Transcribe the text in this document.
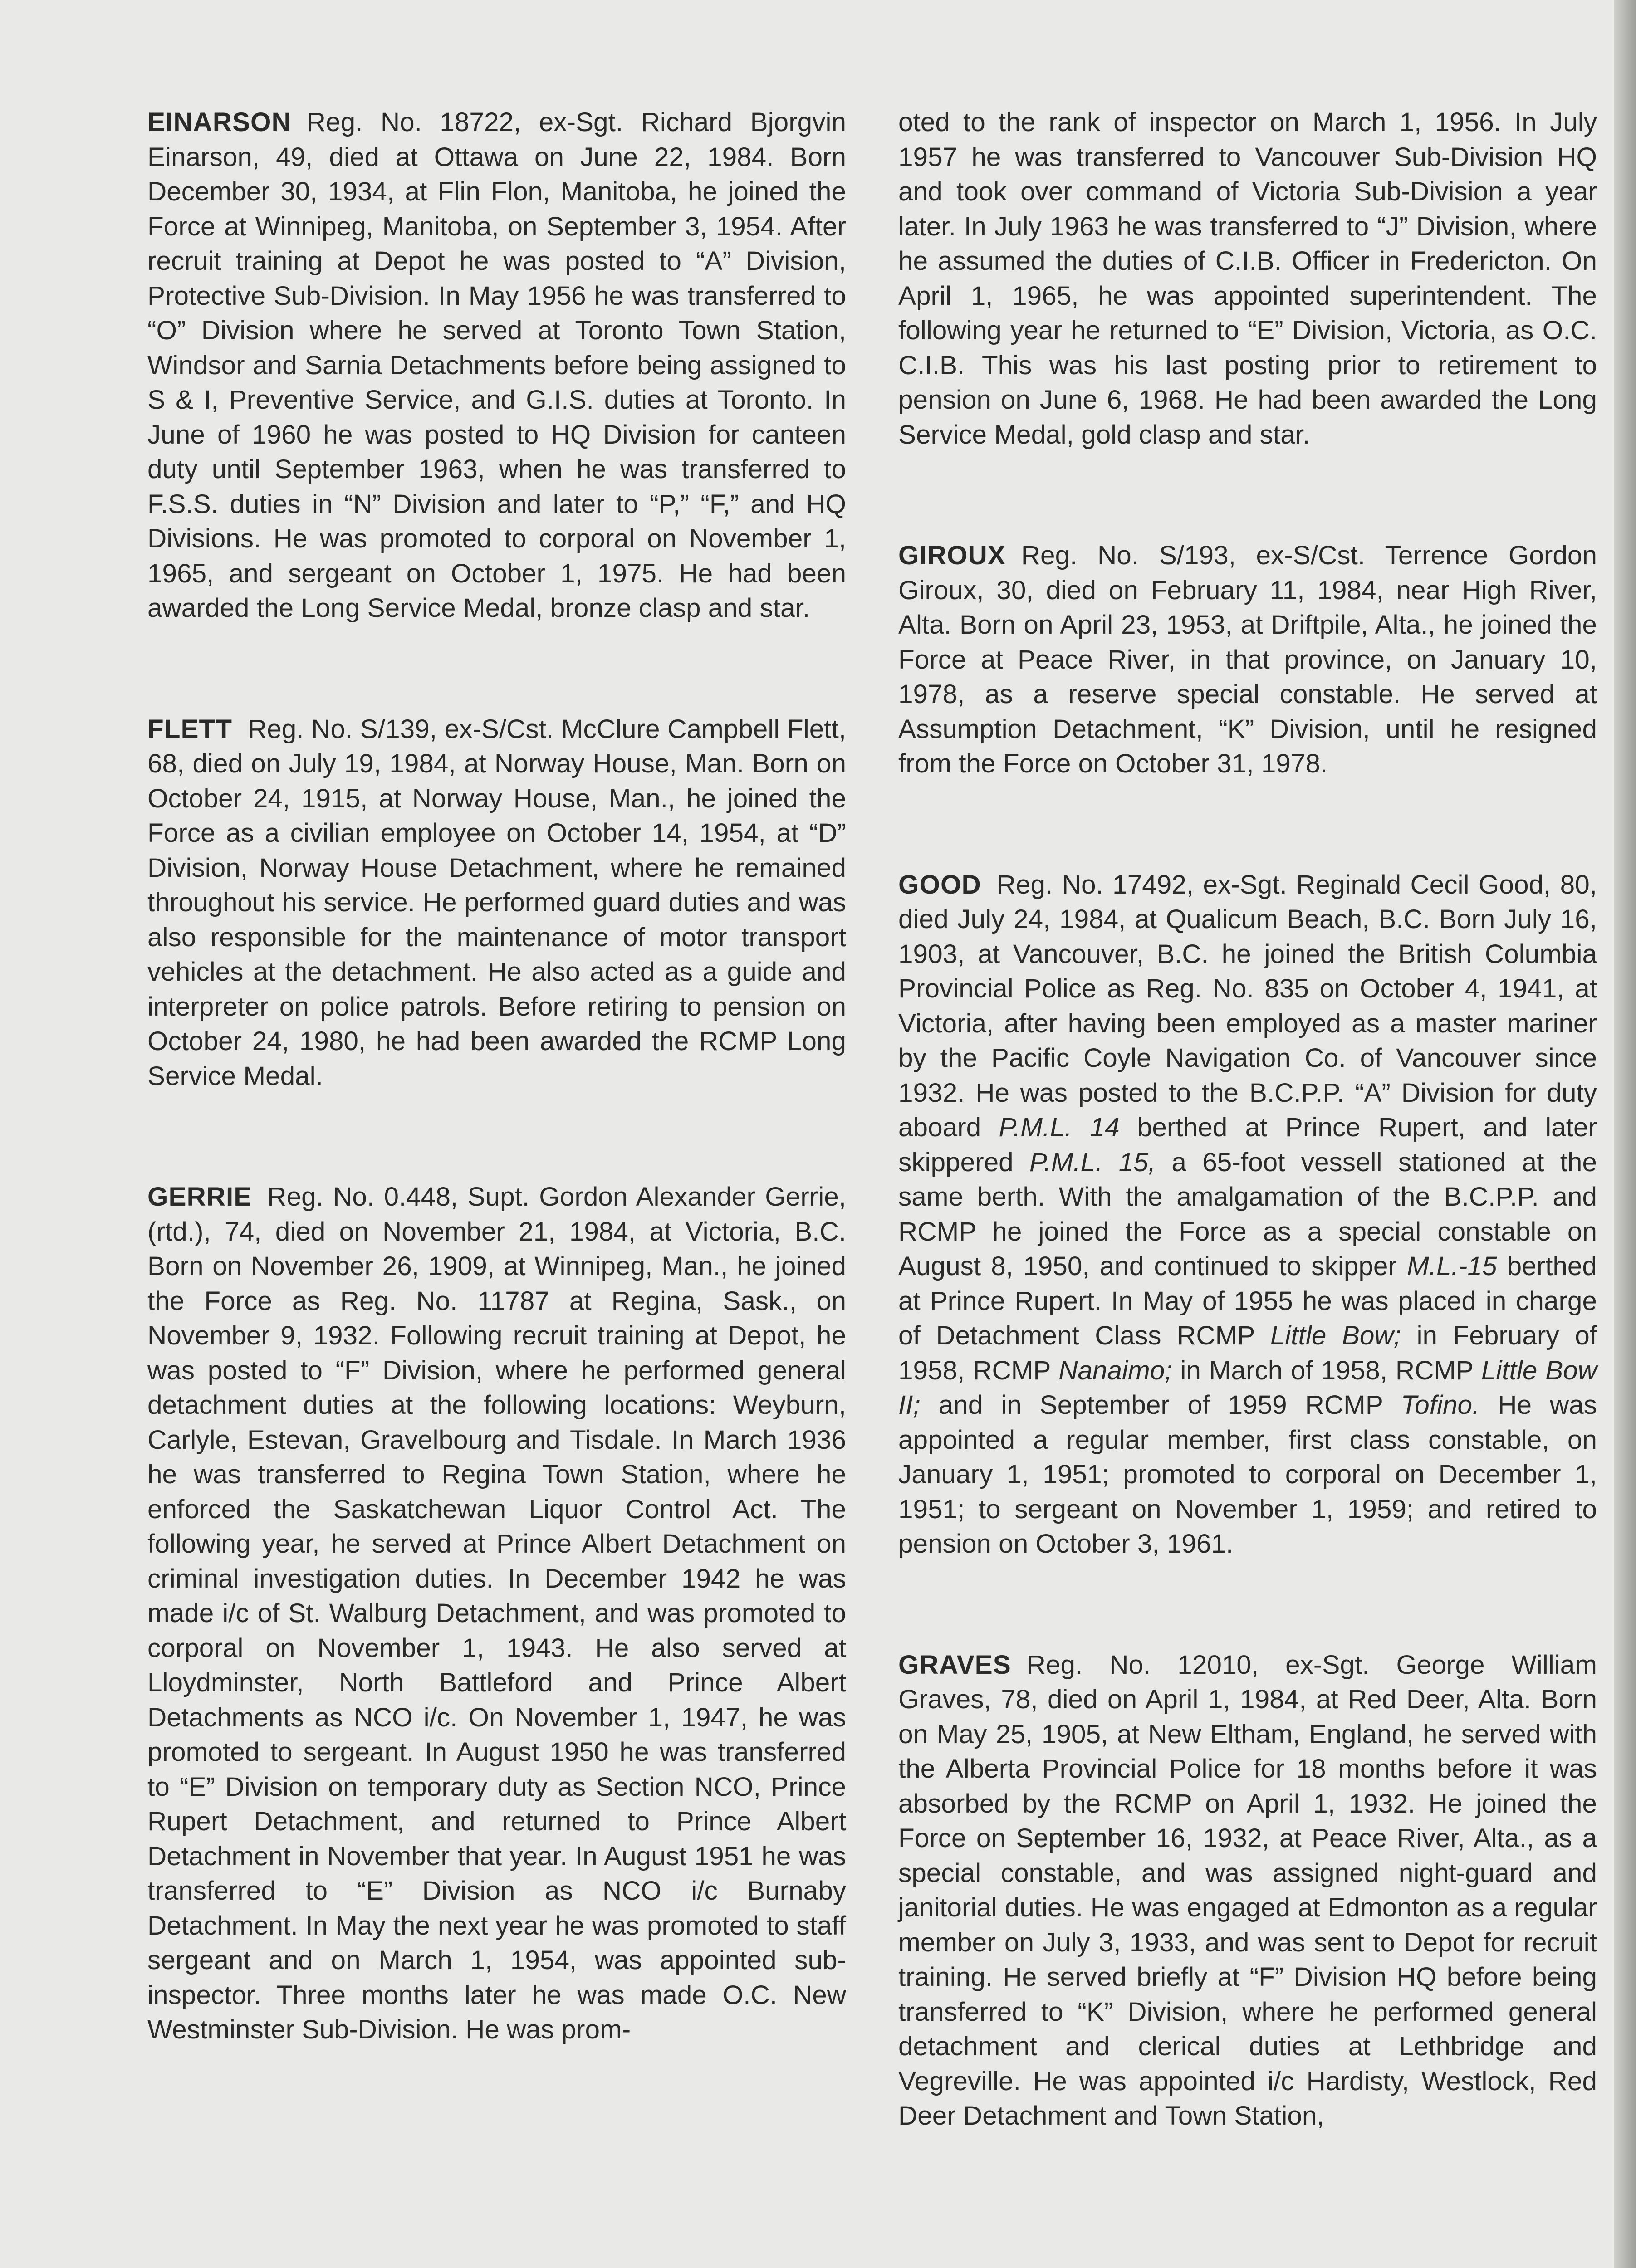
EINARSON Reg. No. 18722, ex-Sgt. Richard Bjorgvin Einarson, 49, died at Ottawa on June 22, 1984. Born December 30, 1934, at Flin Flon, Manitoba, he joined the Force at Winnipeg, Manitoba, on September 3, 1954. After recruit training at Depot he was posted to “A” Division, Protective Sub-Division. In May 1956 he was transferred to “O” Division where he served at Toronto Town Station, Windsor and Sarnia Detachments before being assigned to S & I, Preventive Service, and G.I.S. duties at Toronto. In June of 1960 he was posted to HQ Division for canteen duty until September 1963, when he was transferred to F.S.S. duties in “N” Division and later to “P,” “F,” and HQ Divisions. He was promoted to corporal on November 1, 1965, and sergeant on October 1, 1975. He had been awarded the Long Service Medal, bronze clasp and star.

FLETT Reg. No. S/139, ex-S/Cst. McClure Campbell Flett, 68, died on July 19, 1984, at Norway House, Man. Born on October 24, 1915, at Norway House, Man., he joined the Force as a civilian employee on October 14, 1954, at “D” Division, Norway House Detachment, where he remained throughout his service. He performed guard duties and was also responsible for the maintenance of motor transport vehicles at the detachment. He also acted as a guide and interpreter on police patrols. Before retiring to pension on October 24, 1980, he had been awarded the RCMP Long Service Medal.

GERRIE Reg. No. 0.448, Supt. Gordon Alexander Gerrie, (rtd.), 74, died on November 21, 1984, at Victoria, B.C. Born on November 26, 1909, at Winnipeg, Man., he joined the Force as Reg. No. 11787 at Regina, Sask., on November 9, 1932. Following recruit training at Depot, he was posted to “F” Division, where he performed general detachment duties at the following locations: Weyburn, Carlyle, Estevan, Gravelbourg and Tisdale. In March 1936 he was transferred to Regina Town Station, where he enforced the Saskatchewan Liquor Control Act. The following year, he served at Prince Albert Detachment on criminal investigation duties. In December 1942 he was made i/c of St. Walburg Detachment, and was promoted to corporal on November 1, 1943. He also served at Lloydminster, North Battleford and Prince Albert Detachments as NCO i/c. On November 1, 1947, he was promoted to sergeant. In August 1950 he was transferred to “E” Division on temporary duty as Section NCO, Prince Rupert Detachment, and returned to Prince Albert Detachment in November that year. In August 1951 he was transferred to “E” Division as NCO i/c Burnaby Detachment. In May the next year he was promoted to staff sergeant and on March 1, 1954, was appointed sub-inspector. Three months later he was made O.C. New Westminster Sub-Division. He was prom-

oted to the rank of inspector on March 1, 1956. In July 1957 he was transferred to Vancouver Sub-Division HQ and took over command of Victoria Sub-Division a year later. In July 1963 he was transferred to “J” Division, where he assumed the duties of C.I.B. Officer in Fredericton. On April 1, 1965, he was appointed superintendent. The following year he returned to “E” Division, Victoria, as O.C. C.I.B. This was his last posting prior to retirement to pension on June 6, 1968. He had been awarded the Long Service Medal, gold clasp and star.

GIROUX Reg. No. S/193, ex-S/Cst. Terrence Gordon Giroux, 30, died on February 11, 1984, near High River, Alta. Born on April 23, 1953, at Driftpile, Alta., he joined the Force at Peace River, in that province, on January 10, 1978, as a reserve special constable. He served at Assumption Detachment, “K” Division, until he resigned from the Force on October 31, 1978.

GOOD Reg. No. 17492, ex-Sgt. Reginald Cecil Good, 80, died July 24, 1984, at Qualicum Beach, B.C. Born July 16, 1903, at Vancouver, B.C. he joined the British Columbia Provincial Police as Reg. No. 835 on October 4, 1941, at Victoria, after having been employed as a master mariner by the Pacific Coyle Navigation Co. of Vancouver since 1932. He was posted to the B.C.P.P. “A” Division for duty aboard P.M.L. 14 berthed at Prince Rupert, and later skippered P.M.L. 15, a 65-foot vessell stationed at the same berth. With the amalgamation of the B.C.P.P. and RCMP he joined the Force as a special constable on August 8, 1950, and continued to skipper M.L.-15 berthed at Prince Rupert. In May of 1955 he was placed in charge of Detachment Class RCMP Little Bow; in February of 1958, RCMP Nanaimo; in March of 1958, RCMP Little Bow II; and in September of 1959 RCMP Tofino. He was appointed a regular member, first class constable, on January 1, 1951; promoted to corporal on December 1, 1951; to sergeant on November 1, 1959; and retired to pension on October 3, 1961.

GRAVES Reg. No. 12010, ex-Sgt. George William Graves, 78, died on April 1, 1984, at Red Deer, Alta. Born on May 25, 1905, at New Eltham, England, he served with the Alberta Provincial Police for 18 months before it was absorbed by the RCMP on April 1, 1932. He joined the Force on September 16, 1932, at Peace River, Alta., as a special constable, and was assigned night-guard and janitorial duties. He was engaged at Edmonton as a regular member on July 3, 1933, and was sent to Depot for recruit training. He served briefly at “F” Division HQ before being transferred to “K” Division, where he performed general detachment and clerical duties at Lethbridge and Vegreville. He was appointed i/c Hardisty, Westlock, Red Deer Detachment and Town Station,
